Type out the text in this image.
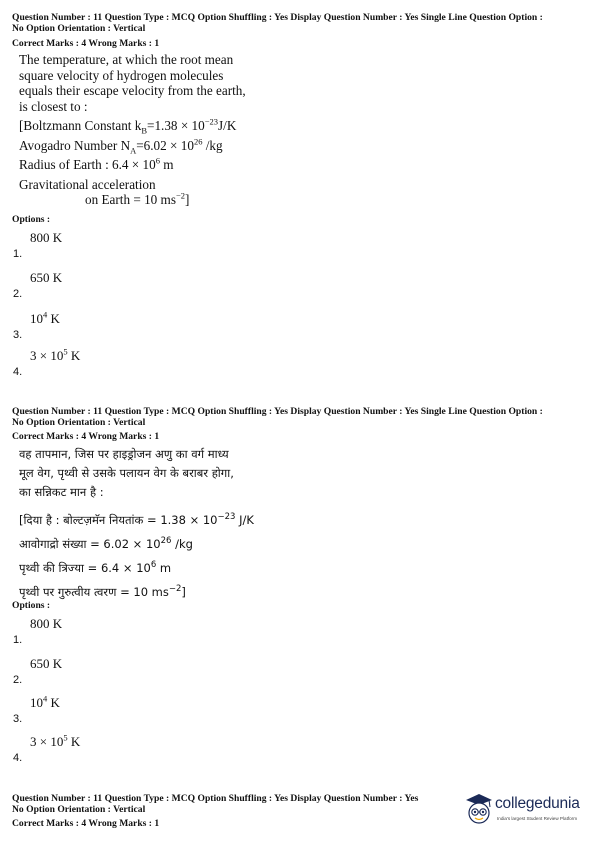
Question Number : 11 Question Type : MCQ Option Shuffling : Yes Display Question Number : Yes Single Line Question Option :
No Option Orientation : Vertical
Correct Marks : 4 Wrong Marks : 1
The temperature, at which the root mean
square velocity of hydrogen molecules
equals their escape velocity from the earth,
is closest to :
[Boltzmann Constant $k_B=1.38 \times 10^{-23}J/K$
Avogadro Number $N_A=6.02 \times 10^{26}$ /kg
Radius of Earth : $6.4 \times 10^6$ m
Gravitational acceleration
on Earth = 10 $ms^{-2}$]
Options :
1.
800 K
2.
650 K
3.
$10^4$ K
4.
$3 \times 10^5$ K
Question Number : 11 Question Type : MCQ Option Shuffling : Yes Display Question Number : Yes Single Line Question Option :
No Option Orientation : Vertical
Correct Marks : 4 Wrong Marks : 1
वह तापमान, जिस पर हाइड्रोजन अणु का वर्ग माध्य
मूल वेग, पृथ्वी से उसके पलायन वेग के बराबर होगा,
का सन्निकट मान है :
[दिया है : बोल्टज़मॅन नियतांक = $1.38 \times 10^{-23}$ J/K
आवोगाद्रो संख्या = $6.02 \times 10^{26}$ /kg
पृथ्वी की त्रिज्या = $6.4 \times 10^6$ m
पृथ्वी पर गुरुत्वीय त्वरण = 10 $ms^{-2}$]
Options :
1.
800 K
2.
650 K
3.
$10^4$ K
4.
$3 \times 10^5$ K
Question Number : 11 Question Type : MCQ Option Shuffling : Yes Display Question Number : Yes
No Option Orientation : Vertical
Correct Marks : 4 Wrong Marks : 1
collegedunia
India's largest Student Review Platform
